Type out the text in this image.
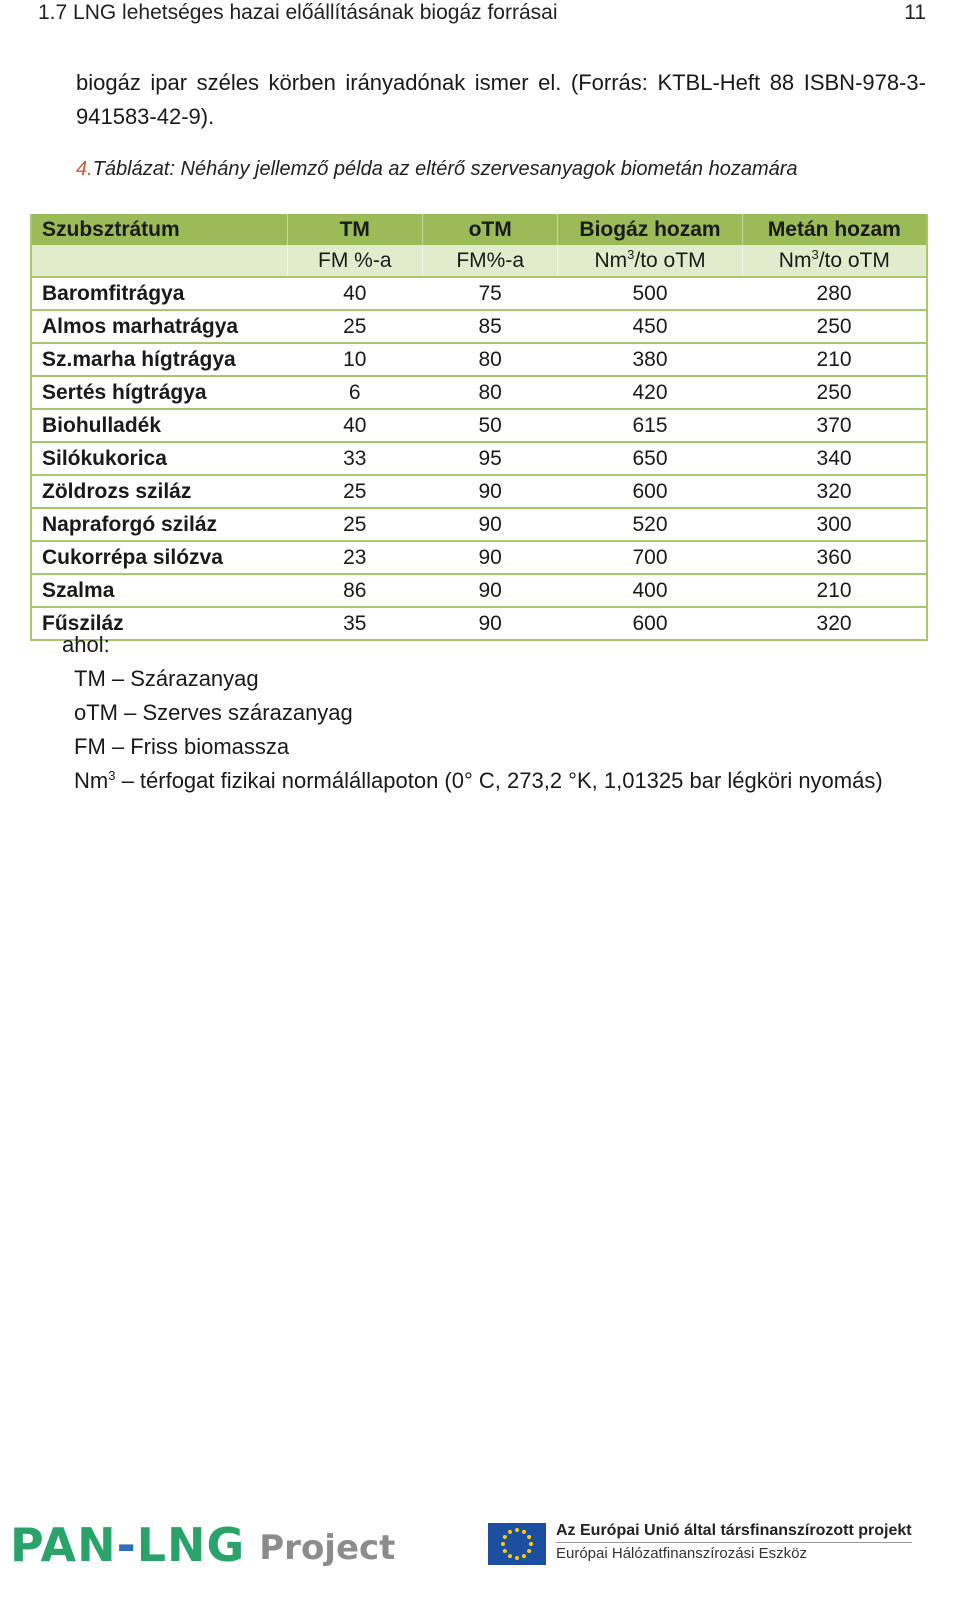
1.7 LNG lehetséges hazai előállításának biogáz forrásai	11
biogáz ipar széles körben irányadónak ismer el. (Forrás: KTBL-Heft 88 ISBN-978-3-941583-42-9).
4.Táblázat: Néhány jellemző példa az eltérő szervesanyagok biometán hozamára
Szubsztrátum	TM	oTM	Biogáz hozam	Metán hozam
	FM %-a	FM%-a	Nm$^3$/to oTM	Nm$^3$/to oTM
Baromfitrágya	40	75	500	280
Almos marhatrágya	25	85	450	250
Sz.marha hígtrágya	10	80	380	210
Sertés hígtrágya	6	80	420	250
Biohulladék	40	50	615	370
Silókukorica	33	95	650	340
Zöldrozs sziláz	25	90	600	320
Napraforgó sziláz	25	90	520	300
Cukorrépa silózva	23	90	700	360
Szalma	86	90	400	210
Fűsziláz	35	90	600	320
ahol:
TM – Szárazanyag
oTM – Szerves szárazanyag
FM – Friss biomassza
Nm$^3$ – térfogat fizikai normálállapoton (0° C, 273,2 °K, 1,01325 bar légköri nyomás)
PAN-LNG Project	Az Európai Unió által társfinanszírozott projekt
Európai Hálózatfinanszírozási Eszköz
